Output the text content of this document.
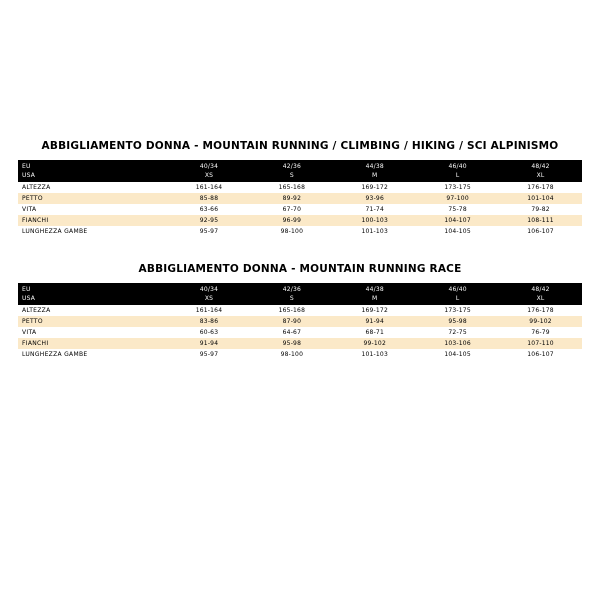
ABBIGLIAMENTO DONNA - MOUNTAIN RUNNING / CLIMBING / HIKING / SCI ALPINISMO
EU	40/34	42/36	44/38	46/40	48/42
USA	XS	S	M	L	XL
ALTEZZA	161-164	165-168	169-172	173-175	176-178
PETTO	85-88	89-92	93-96	97-100	101-104
VITA	63-66	67-70	71-74	75-78	79-82
FIANCHI	92-95	96-99	100-103	104-107	108-111
LUNGHEZZA GAMBE	95-97	98-100	101-103	104-105	106-107
ABBIGLIAMENTO DONNA - MOUNTAIN RUNNING RACE
EU	40/34	42/36	44/38	46/40	48/42
USA	XS	S	M	L	XL
ALTEZZA	161-164	165-168	169-172	173-175	176-178
PETTO	83-86	87-90	91-94	95-98	99-102
VITA	60-63	64-67	68-71	72-75	76-79
FIANCHI	91-94	95-98	99-102	103-106	107-110
LUNGHEZZA GAMBE	95-97	98-100	101-103	104-105	106-107
